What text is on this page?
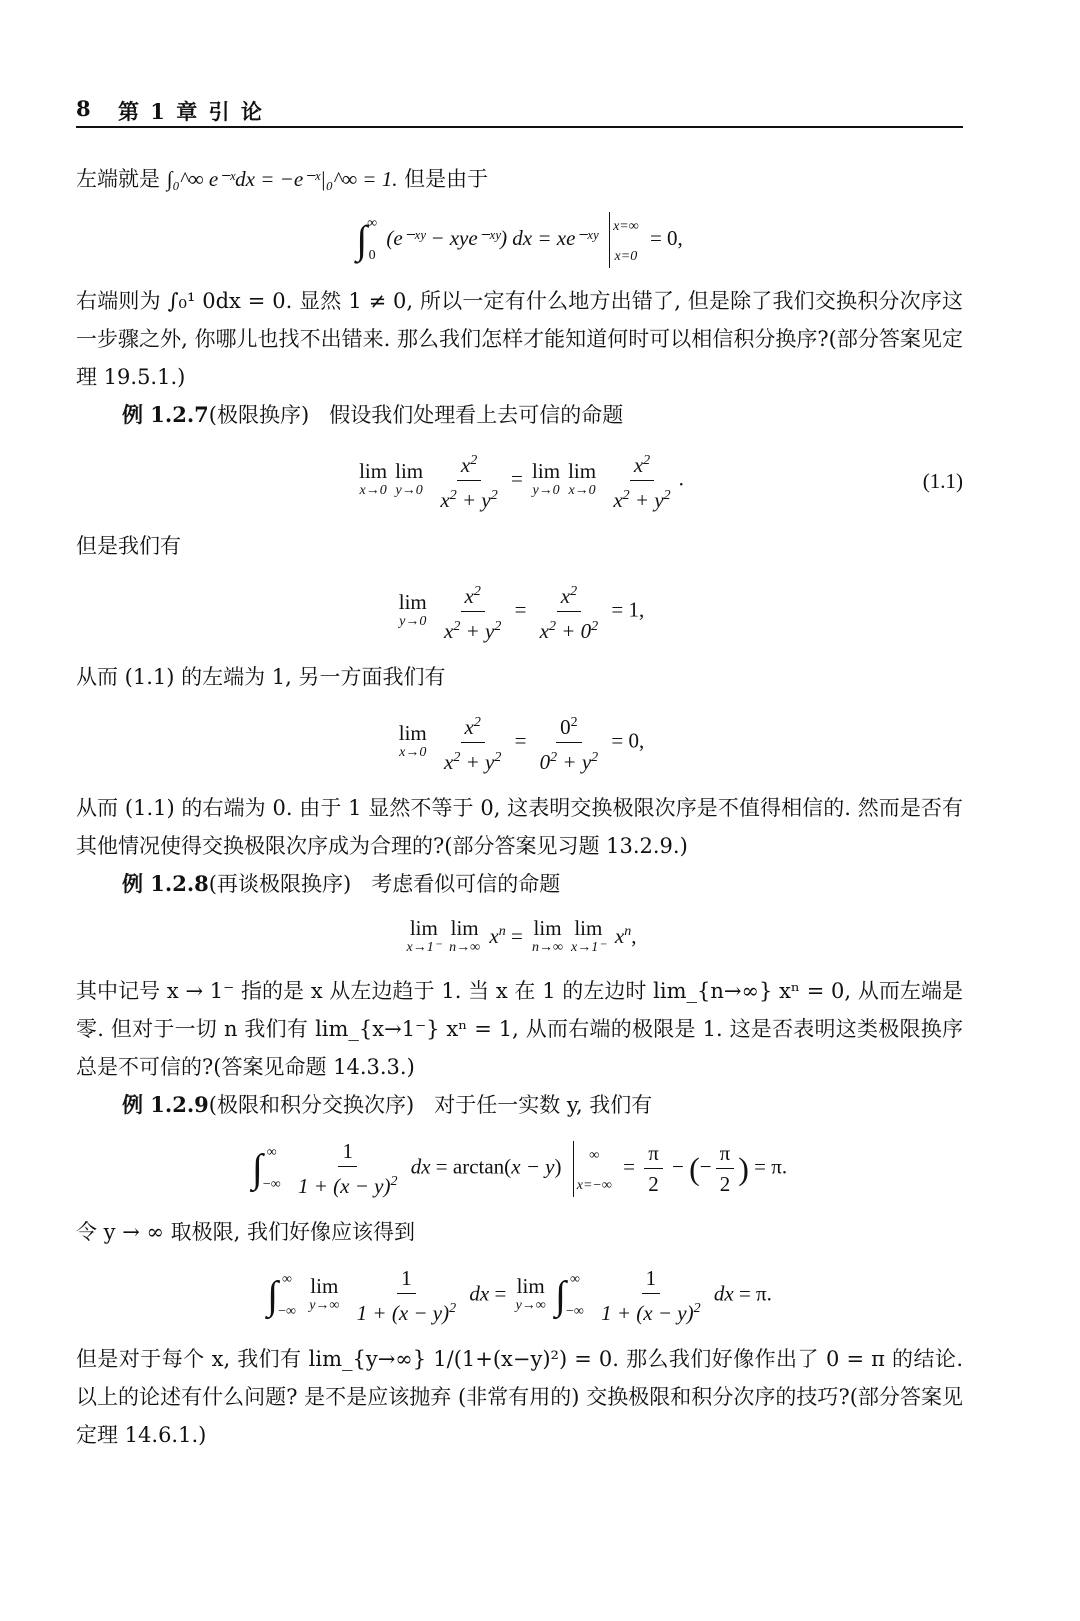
8 第 1 章 引 论

左端就是 ∫₀^∞ e⁻ˣdx = −e⁻ˣ|₀^∞ = 1. 但是由于

∫ ∞

0
(e⁻ˣʸ − xye⁻ˣʸ) dx = xe⁻ˣʸ x=∞
x=0
= 0,

右端则为 ∫₀¹ 0dx = 0. 显然 1 ≠ 0, 所以一定有什么地方出错了, 但是除了我们交换积分次序这一步骤之外, 你哪儿也找不出错来. 那么我们怎样才能知道何时可以相信积分换序?(部分答案见定理 19.5.1.)

例 1.2.7(极限换序) 假设我们处理看上去可信的命题

lim
x→0
lim
y→0
$\frac{x^2}{x^2 + y^2} = \lim$
y→0
lim
x→0
$\frac{x^2}{x^2 + y^2}$ .	(1.1)

但是我们有

lim
y→0
$\frac{x^2}{x^2 + y^2} = \frac{x^2}{x^2 + 0^2} = 1$,

从而 (1.1) 的左端为 1, 另一方面我们有

lim
x→0
$\frac{x^2}{x^2 + y^2} = \frac{0^2}{0^2 + y^2} = 0$,

从而 (1.1) 的右端为 0. 由于 1 显然不等于 0, 这表明交换极限次序是不值得相信的. 然而是否有其他情况使得交换极限次序成为合理的?(部分答案见习题 13.2.9.)

例 1.2.8(再谈极限换序) 考虑看似可信的命题

lim
x→1⁻
lim
n→∞ $x^n = \lim$
n→∞
lim
x→1⁻ $x^n$,

其中记号 x → 1⁻ 指的是 x 从左边趋于 1. 当 x 在 1 的左边时 lim_{n→∞} xⁿ = 0, 从而左端是零. 但对于一切 n 我们有 lim_{x→1⁻} xⁿ = 1, 从而右端的极限是 1. 这是否表明这类极限换序总是不可信的?(答案见命题 14.3.3.)

例 1.2.9(极限和积分交换次序) 对于任一实数 y, 我们有

∫ ∞

−∞
$\frac{1}{1 + (x - y)^2}$ dx = arctan(x − y)	∞
x=−∞
= $\frac{\pi}{2}$ − (− $\frac{\pi}{2}$ ) = π.

令 y → ∞ 取极限, 我们好像应该得到

∫ ∞

−∞
lim
y→∞
$\frac{1}{1 + (x - y)^2}$ dx = lim
y→∞ ∫ ∞

−∞
$\frac{1}{1 + (x - y)^2}$ dx = π.

但是对于每个 x, 我们有 lim_{y→∞} 1/(1+(x−y)²) = 0. 那么我们好像作出了 0 = π 的结论. 以上的论述有什么问题? 是不是应该抛弃 (非常有用的) 交换极限和积分次序的技巧?(部分答案见定理 14.6.1.)
